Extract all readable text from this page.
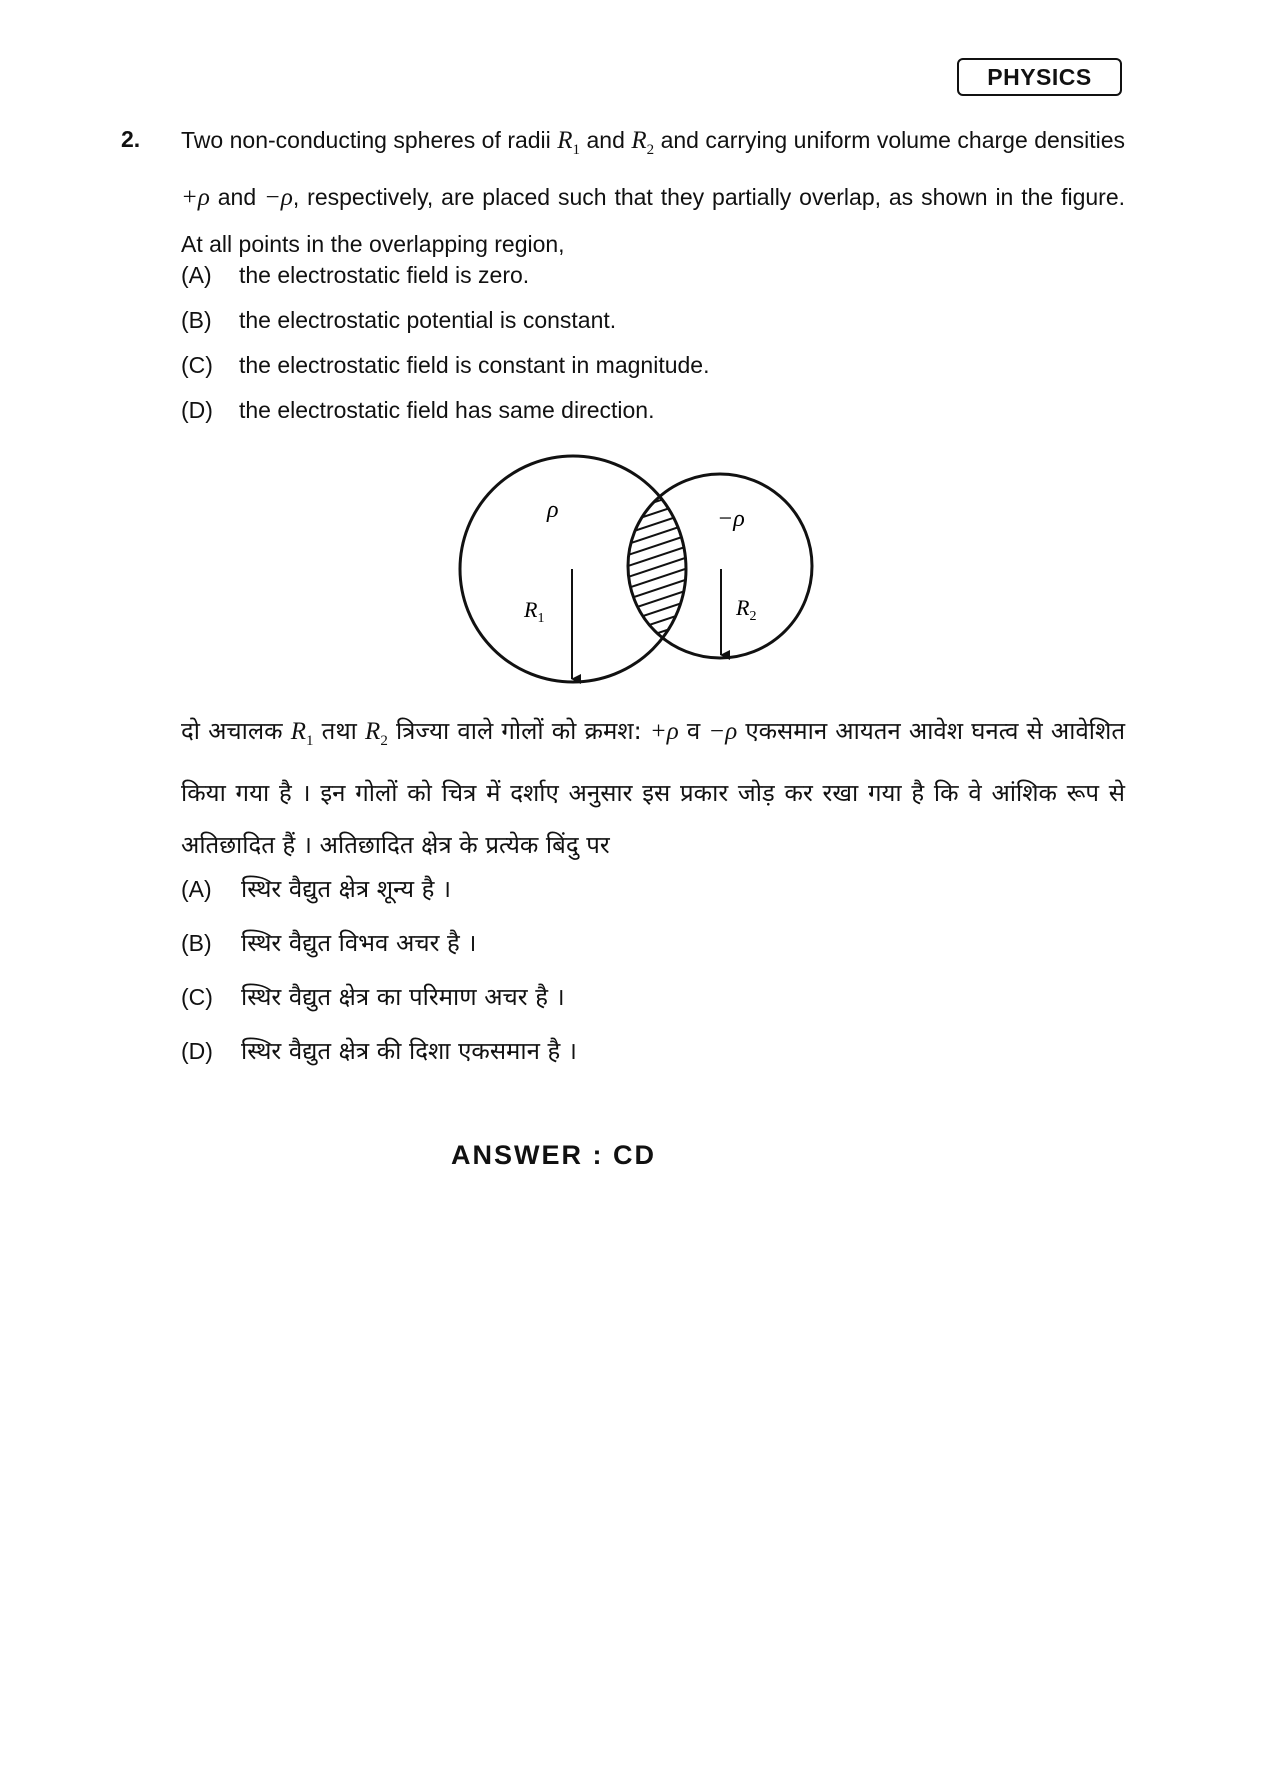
PHYSICS
2. Two non-conducting spheres of radii $R_1$ and $R_2$ and carrying uniform volume charge densities +ρ and −ρ, respectively, are placed such that they partially overlap, as shown in the figure. At all points in the overlapping region,

(A) the electrostatic field is zero.
(B) the electrostatic potential is constant.
(C) the electrostatic field is constant in magnitude.
(D) the electrostatic field has same direction.
ρ	−ρ
$R_1$	$R_2$

दो अचालक $R_1$ तथा $R_2$ त्रिज्या वाले गोलों को क्रमश: +ρ व −ρ एकसमान आयतन आवेश घनत्व से आवेशित किया गया है । इन गोलों को चित्र में दर्शाए अनुसार इस प्रकार जोड़ कर रखा गया है कि वे आंशिक रूप से अतिछादित हैं । अतिछादित क्षेत्र के प्रत्येक बिंदु पर

(A) स्थिर वैद्युत क्षेत्र शून्य है ।
(B) स्थिर वैद्युत विभव अचर है ।
(C) स्थिर वैद्युत क्षेत्र का परिमाण अचर है ।
(D) स्थिर वैद्युत क्षेत्र की दिशा एकसमान है ।
ANSWER : CD
